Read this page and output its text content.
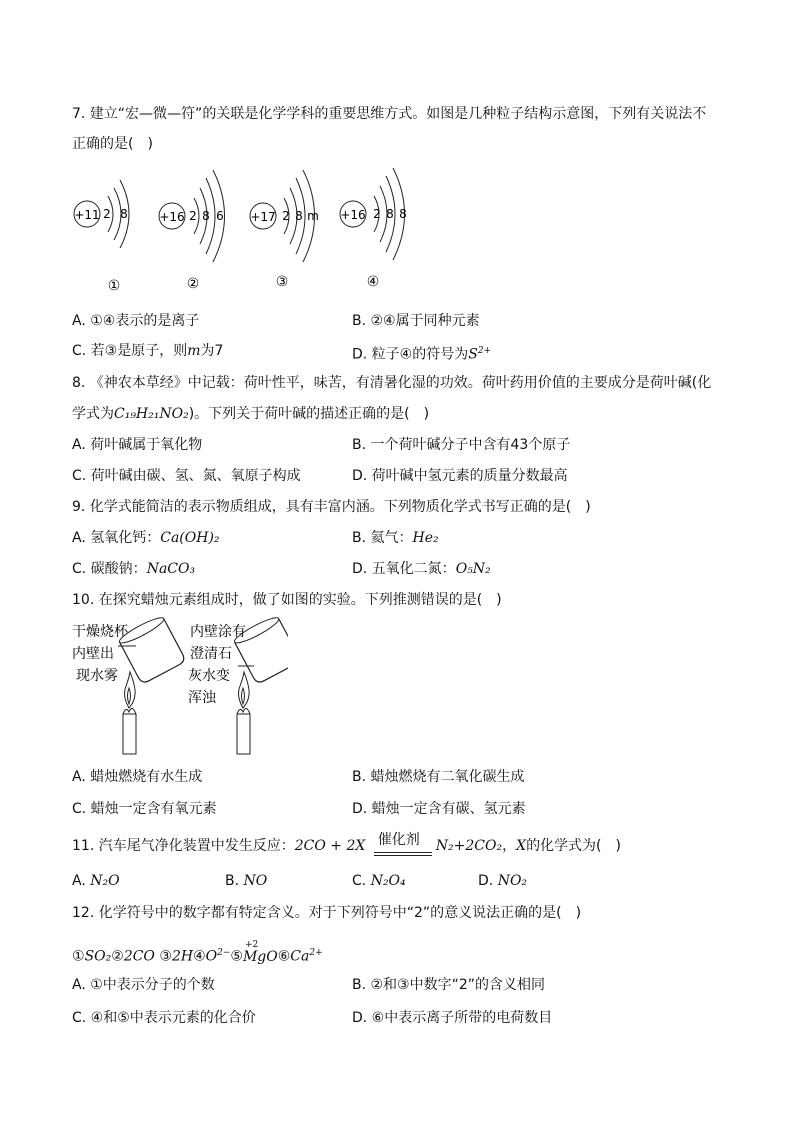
7. 建立“宏—微—符”的关联是化学学科的重要思维方式。如图是几种粒子结构示意图，下列有关说法不
正确的是(　)
+11 2 8
①
+16 2 8 6
②
+17 2 8 m
③
+16 2 8 8
④
A. ①④表示的是离子	B. ②④属于同种元素
C. 若③是原子，则m为7	D. 粒子④的符号为$S^{2+}$
8. 《神农本草经》中记载：荷叶性平，味苦，有清暑化湿的功效。荷叶药用价值的主要成分是荷叶碱(化
学式为C₁₉H₂₁NO₂)。下列关于荷叶碱的描述正确的是(　)
A. 荷叶碱属于氧化物	B. 一个荷叶碱分子中含有43个原子
C. 荷叶碱由碳、氢、氮、氧原子构成	D. 荷叶碱中氢元素的质量分数最高
9. 化学式能简洁的表示物质组成，具有丰富内涵。下列物质化学式书写正确的是(　)
A. 氢氧化钙：Ca(OH)₂	B. 氦气：He₂
C. 碳酸钠：NaCO₃	D. 五氧化二氮：O₅N₂
10. 在探究蜡烛元素组成时，做了如图的实验。下列推测错误的是(　)
干燥烧杯
内壁出
现水雾
内壁涂有
澄清石
灰水变
浑浊
A. 蜡烛燃烧有水生成	B. 蜡烛燃烧有二氧化碳生成
C. 蜡烛一定含有氧元素	D. 蜡烛一定含有碳、氢元素
11. 汽车尾气净化装置中发生反应：2CO + 2X 催化剂 N₂+2CO₂，X的化学式为(　)
A. N₂O	B. NO	C. N₂O₄	D. NO₂
12. 化学符号中的数字都有特定含义。对于下列符号中“2”的意义说法正确的是(　)
①SO₂②2CO $③2H④O^{2-}⑤$
+2
$MgO⑥Ca^{2+}$
A. ①中表示分子的个数	B. ②和③中数字“2”的含义相同
C. ④和⑤中表示元素的化合价	D. ⑥中表示离子所带的电荷数目
